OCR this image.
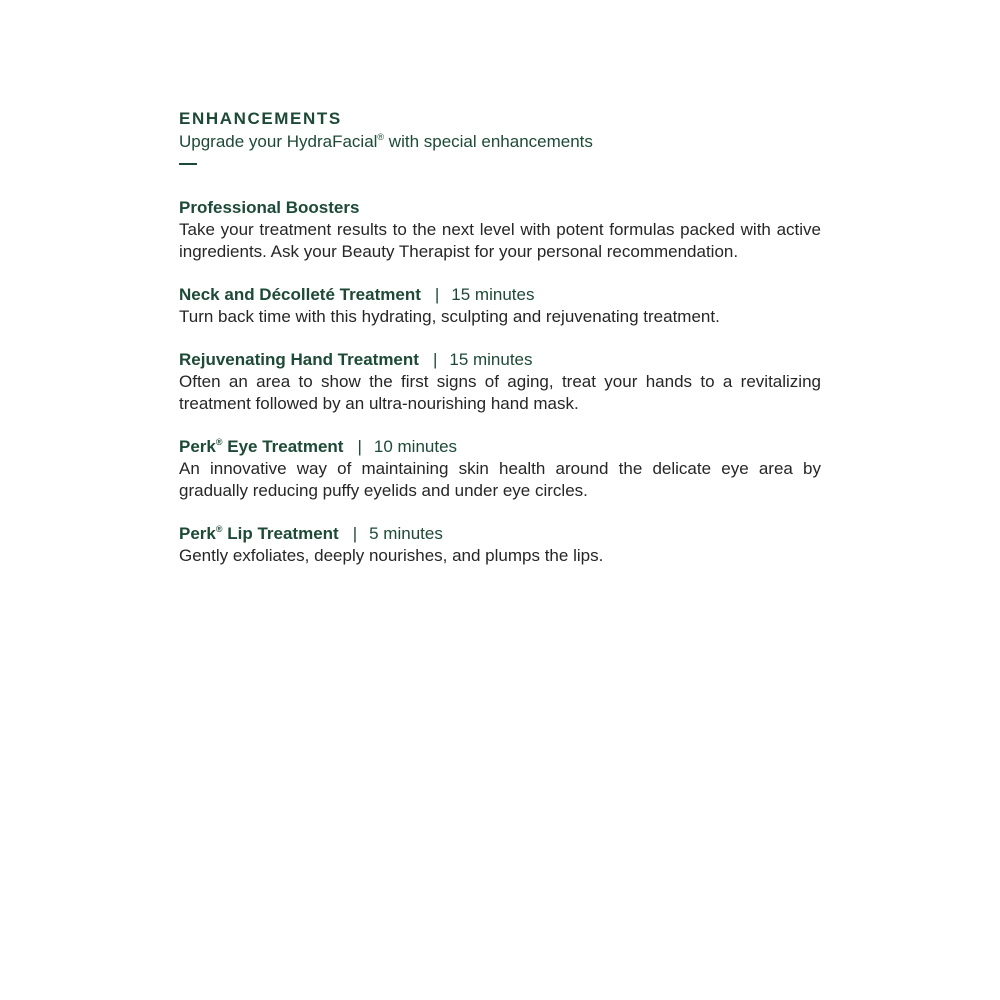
ENHANCEMENTS

Upgrade your HydraFacial® with special enhancements

Professional Boosters

Take your treatment results to the next level with potent formulas packed with active ingredients. Ask your Beauty Therapist for your personal recommendation.

Neck and Décolleté Treatment | 15 minutes

Turn back time with this hydrating, sculpting and rejuvenating treatment.

Rejuvenating Hand Treatment | 15 minutes

Often an area to show the first signs of aging, treat your hands to a revitalizing treatment followed by an ultra-nourishing hand mask.

Perk® Eye Treatment | 10 minutes

An innovative way of maintaining skin health around the delicate eye area by gradually reducing puffy eyelids and under eye circles.

Perk® Lip Treatment | 5 minutes

Gently exfoliates, deeply nourishes, and plumps the lips.
